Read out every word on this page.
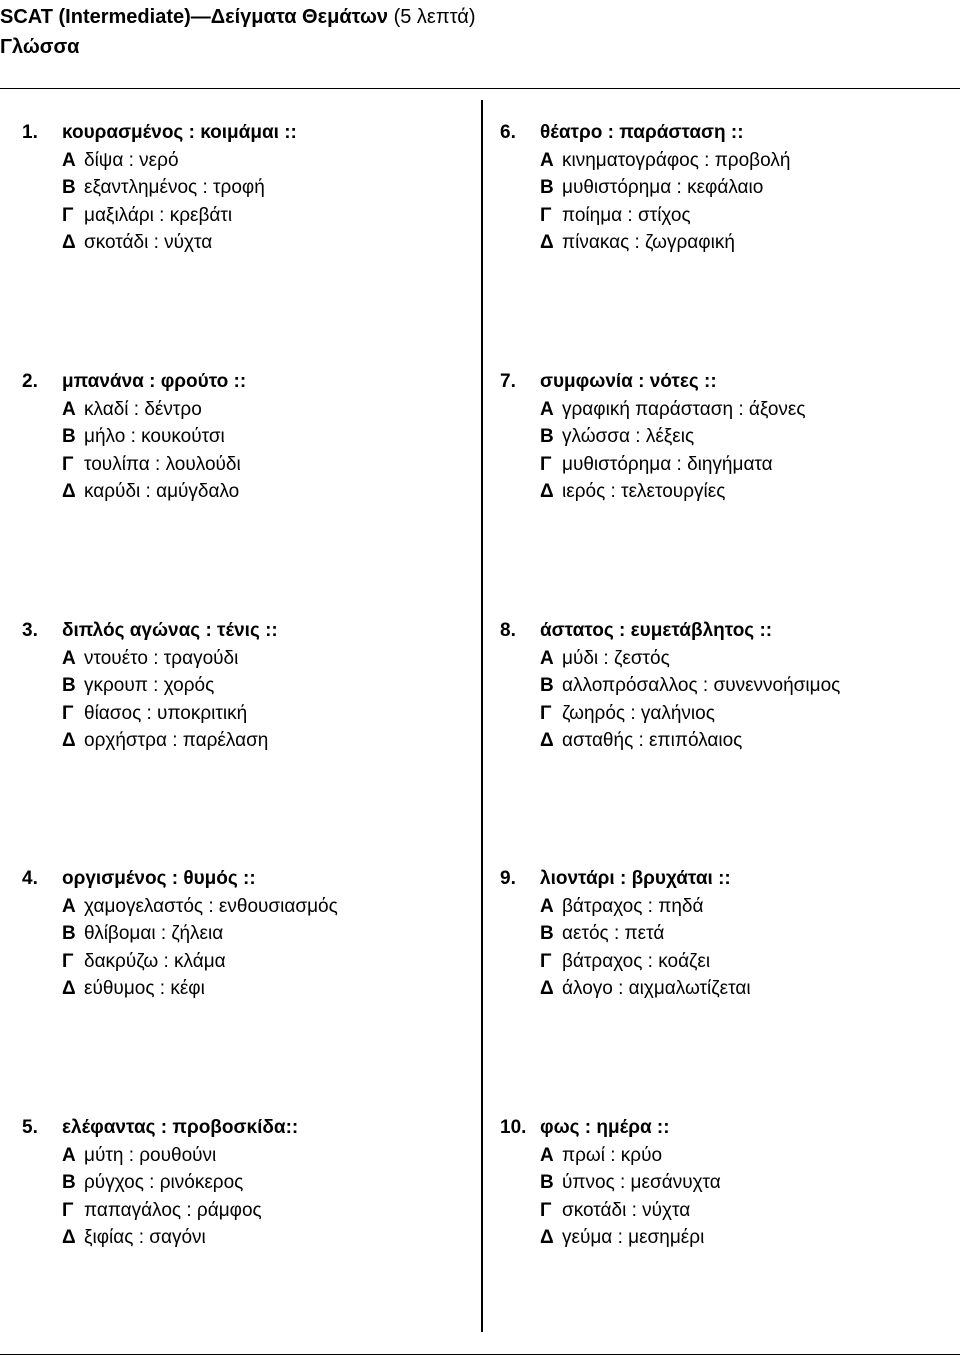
SCAT (Intermediate)—Δείγματα Θεμάτων (5 λεπτά)
Γλώσσα
1. κουρασμένος : κοιμάμαι ::
Α δίψα : νερό
Β εξαντλημένος : τροφή
Γ μαξιλάρι : κρεβάτι
Δ σκοτάδι : νύχτα
2. μπανάνα : φρούτο ::
Α κλαδί : δέντρο
Β μήλο : κουκούτσι
Γ τουλίπα : λουλούδι
Δ καρύδι : αμύγδαλο
3. διπλός αγώνας : τένις ::
Α ντουέτο : τραγούδι
Β γκρουπ : χορός
Γ θίασος : υποκριτική
Δ ορχήστρα : παρέλαση
4. οργισμένος : θυμός ::
Α χαμογελαστός : ενθουσιασμός
Β θλίβομαι : ζήλεια
Γ δακρύζω : κλάμα
Δ εύθυμος : κέφι
5. ελέφαντας : προβοσκίδα::
Α μύτη : ρουθούνι
Β ρύγχος : ρινόκερος
Γ παπαγάλος : ράμφος
Δ ξιφίας : σαγόνι
6. θέατρο : παράσταση ::
Α κινηματογράφος : προβολή
Β μυθιστόρημα : κεφάλαιο
Γ ποίημα : στίχος
Δ πίνακας : ζωγραφική
7. συμφωνία : νότες ::
Α γραφική παράσταση : άξονες
Β γλώσσα : λέξεις
Γ μυθιστόρημα : διηγήματα
Δ ιερός : τελετουργίες
8. άστατος : ευμετάβλητος ::
Α μύδι : ζεστός
Β αλλοπρόσαλλος : συνεννοήσιμος
Γ ζωηρός : γαλήνιος
Δ ασταθής : επιπόλαιος
9. λιοντάρι : βρυχάται ::
Α βάτραχος : πηδά
Β αετός : πετά
Γ βάτραχος : κοάζει
Δ άλογο : αιχμαλωτίζεται
10. φως : ημέρα ::
Α πρωί : κρύο
Β ύπνος : μεσάνυχτα
Γ σκοτάδι : νύχτα
Δ γεύμα : μεσημέρι
